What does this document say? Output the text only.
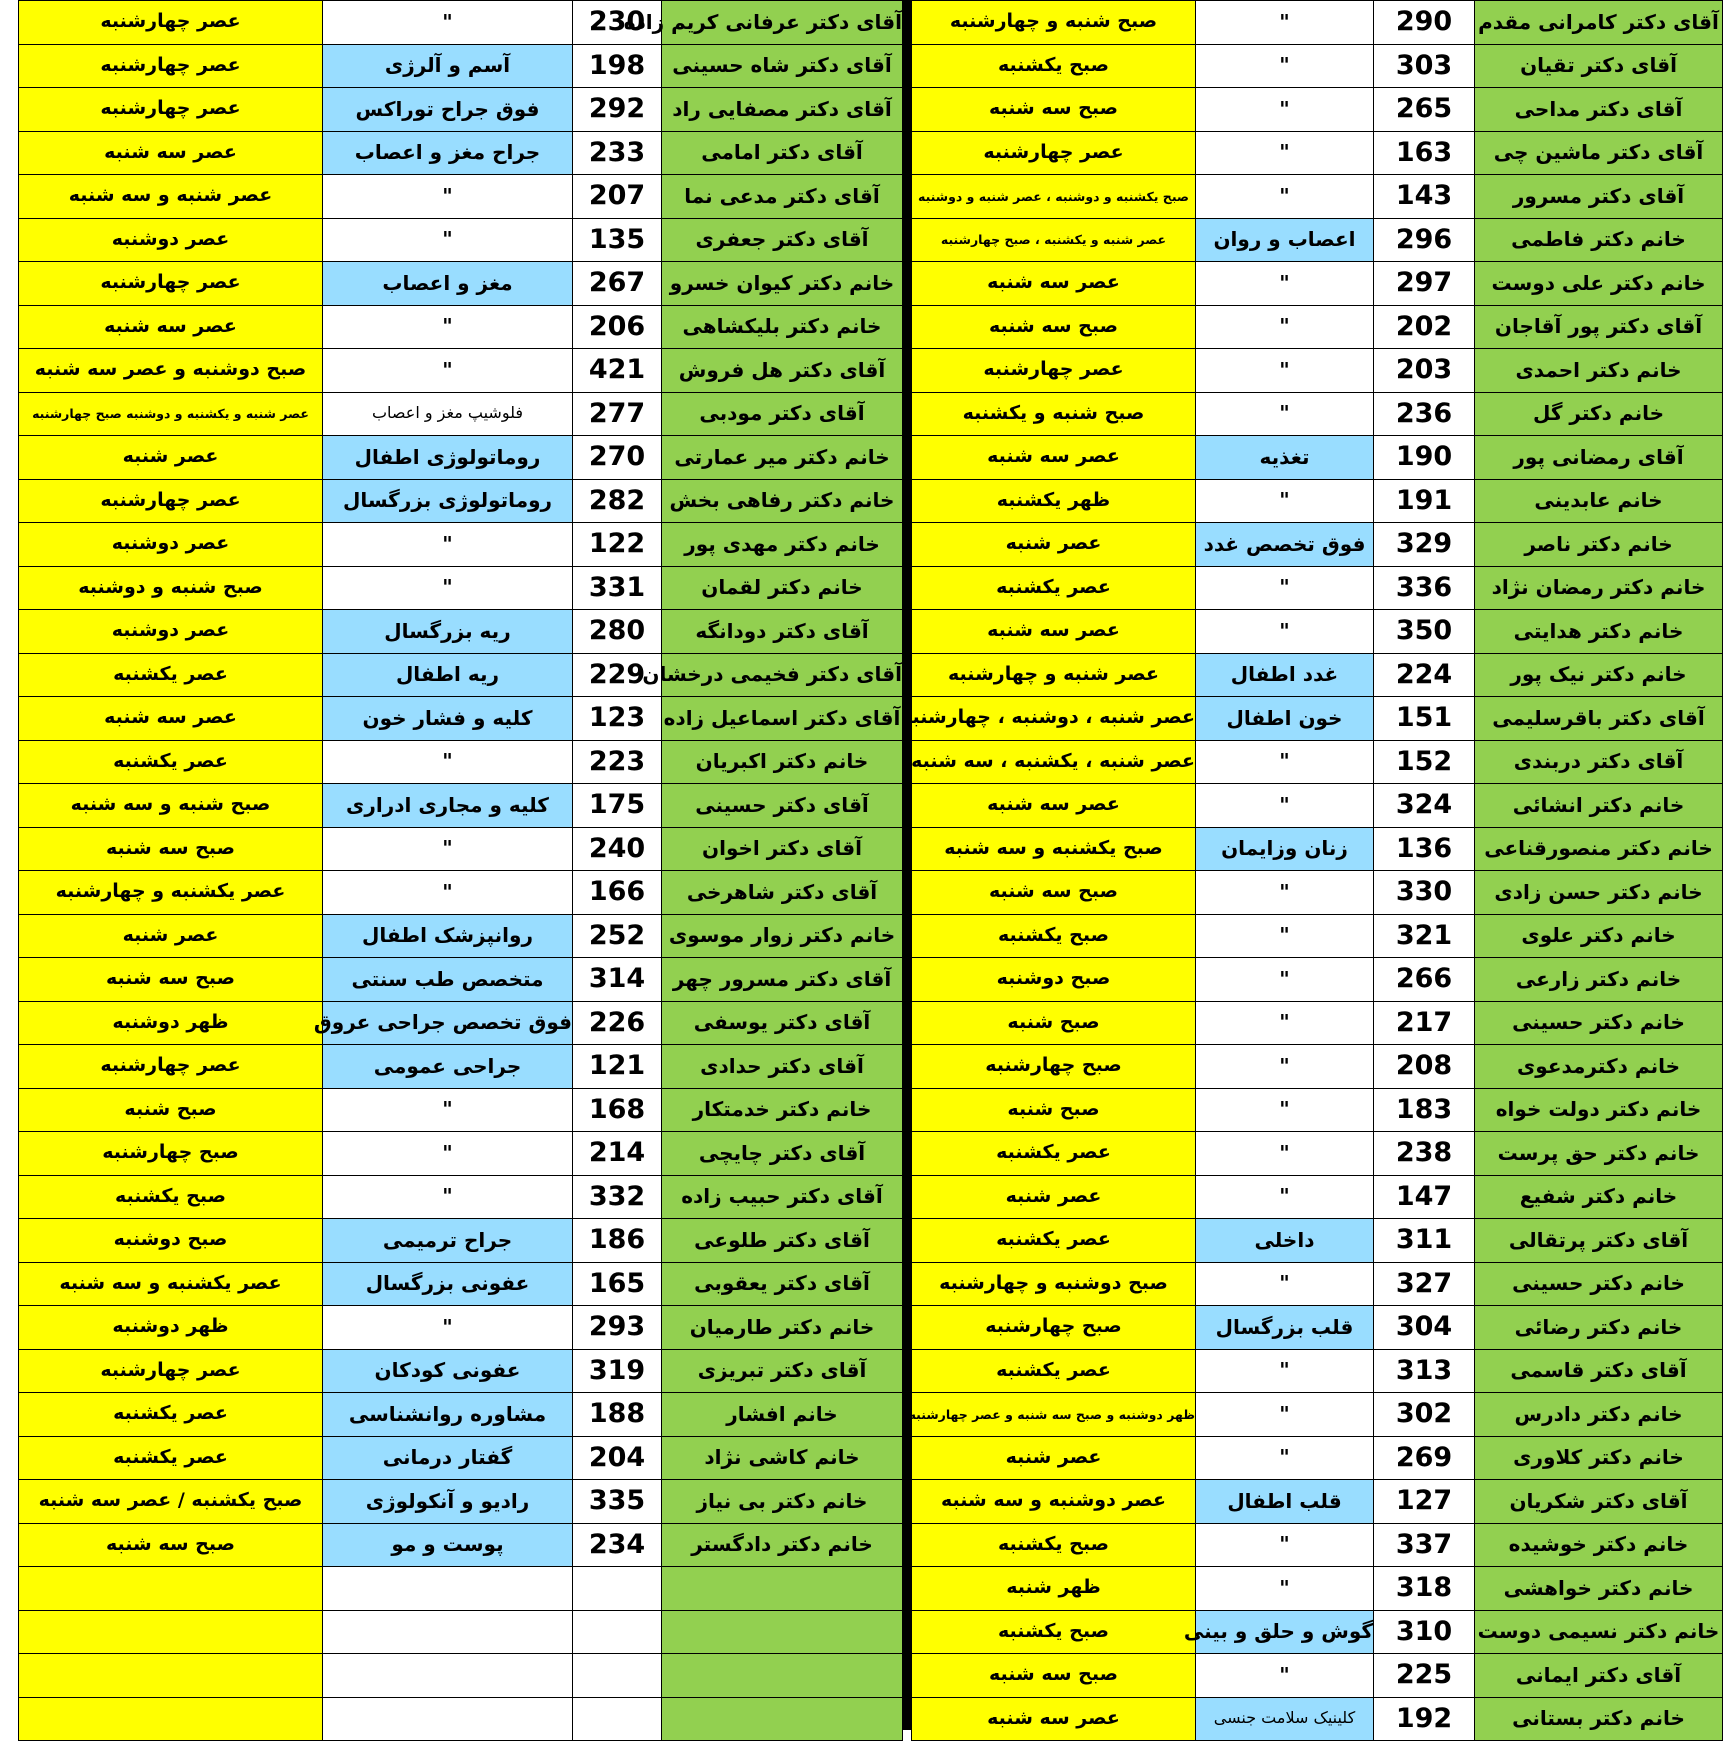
عصر چهارشنبه	"	230	آقای دکتر عرفانی کریم زاده
عصر چهارشنبه	آسم و آلرژی	198	آقای دکتر شاه حسینی
عصر چهارشنبه	فوق جراح توراکس	292	آقای دکتر مصفایی راد
عصر سه شنبه	جراح مغز و اعصاب	233	آقای دکتر امامی
عصر شنبه و سه شنبه	"	207	آقای دکتر مدعی نما
عصر دوشنبه	"	135	آقای دکتر جعفری
عصر چهارشنبه	مغز و اعصاب	267	خانم دکتر کیوان خسرو
عصر سه شنبه	"	206	خانم دکتر بلیکشاهی
صبح دوشنبه و عصر سه شنبه	"	421	آقای دکتر هل فروش
عصر شنبه و یکشنبه و دوشنبه صبح چهارشنبه	فلوشیپ مغز و اعصاب	277	آقای دکتر مودبی
عصر شنبه	روماتولوژی اطفال	270	خانم دکتر میر عمارتی
عصر چهارشنبه	روماتولوژی بزرگسال	282	خانم دکتر رفاهی بخش
عصر دوشنبه	"	122	خانم دکتر مهدی پور
صبح شنبه و دوشنبه	"	331	خانم دکتر لقمان
عصر دوشنبه	ریه بزرگسال	280	آقای دکتر دودانگه
عصر یکشنبه	ریه اطفال	229	آقای دکتر فخیمی درخشان
عصر سه شنبه	کلیه و فشار خون	123	آقای دکتر اسماعیل زاده
عصر یکشنبه	"	223	خانم دکتر اکبریان
صبح شنبه و سه شنبه	کلیه و مجاری ادراری	175	آقای دکتر حسینی
صبح سه شنبه	"	240	آقای دکتر اخوان
عصر یکشنبه و چهارشنبه	"	166	آقای دکتر شاهرخی
عصر شنبه	روانپزشک اطفال	252	خانم دکتر زوار موسوی
صبح سه شنبه	متخصص طب سنتی	314	آقای دکتر مسرور چهر
ظهر دوشنبه	فوق تخصص جراحی عروق	226	آقای دکتر یوسفی
عصر چهارشنبه	جراحی عمومی	121	آقای دکتر حدادی
صبح شنبه	"	168	خانم دکتر خدمتکار
صبح چهارشنبه	"	214	آقای دکتر چایچی
صبح یکشنبه	"	332	آقای دکتر حبیب زاده
صبح دوشنبه	جراح ترمیمی	186	آقای دکتر طلوعی
عصر یکشنبه و سه شنبه	عفونی بزرگسال	165	آقای دکتر یعقوبی
ظهر دوشنبه	"	293	خانم دکتر طارمیان
عصر چهارشنبه	عفونی کودکان	319	آقای دکتر تبریزی
عصر یکشنبه	مشاوره روانشناسی	188	خانم افشار
عصر یکشنبه	گفتار درمانی	204	خانم کاشی نژاد
صبح یکشنبه / عصر سه شنبه	رادیو و آنکولوژی	335	خانم دکتر بی نیاز
صبح سه شنبه	پوست و مو	234	خانم دکتر دادگستر

صبح شنبه و چهارشنبه	"	290	آقای دکتر کامرانی مقدم
صبح یکشنبه	"	303	آقای دکتر تقیان
صبح سه شنبه	"	265	آقای دکتر مداحی
عصر چهارشنبه	"	163	آقای دکتر ماشین چی
صبح یکشنبه و دوشنبه ، عصر شنبه و دوشنبه	"	143	آقای دکتر مسرور
عصر شنبه و یکشنبه ، صبح چهارشنبه	اعصاب و روان	296	خانم دکتر فاطمی
عصر سه شنبه	"	297	خانم دکتر علی دوست
صبح سه شنبه	"	202	آقای دکتر پور آقاجان
عصر چهارشنبه	"	203	خانم دکتر احمدی
صبح شنبه و یکشنبه	"	236	خانم دکتر گل
عصر سه شنبه	تغذیه	190	آقای رمضانی پور
ظهر یکشنبه	"	191	خانم عابدینی
عصر شنبه	فوق تخصص غدد	329	خانم دکتر ناصر
عصر یکشنبه	"	336	خانم دکتر رمضان نژاد
عصر سه شنبه	"	350	خانم دکتر هدایتی
عصر شنبه و چهارشنبه	غدد اطفال	224	خانم دکتر نیک پور
عصر شنبه ، دوشنبه ، چهارشنبه	خون اطفال	151	آقای دکتر باقرسلیمی
عصر شنبه ، یکشنبه ، سه شنبه	"	152	آقای دکتر دربندی
عصر سه شنبه	"	324	خانم دکتر انشائی
صبح یکشنبه و سه شنبه	زنان وزایمان	136	خانم دکتر منصورقناعی
صبح سه شنبه	"	330	خانم دکتر حسن زادی
صبح یکشنبه	"	321	خانم دکتر علوی
صبح دوشنبه	"	266	خانم دکتر زارعی
صبح شنبه	"	217	خانم دکتر حسینی
صبح چهارشنبه	"	208	خانم دکترمدعوی
صبح شنبه	"	183	خانم دکتر دولت خواه
عصر یکشنبه	"	238	خانم دکتر حق پرست
عصر شنبه	"	147	خانم دکتر شفیع
عصر یکشنبه	داخلی	311	آقای دکتر پرتقالی
صبح دوشنبه و چهارشنبه	"	327	خانم دکتر حسینی
صبح چهارشنبه	قلب بزرگسال	304	خانم دکتر رضائی
عصر یکشنبه	"	313	آقای دکتر قاسمی
ظهر دوشنبه و صبح سه شنبه و عصر چهارشنبه	"	302	خانم دکتر دادرس
عصر شنبه	"	269	خانم دکتر کلاوری
عصر دوشنبه و سه شنبه	قلب اطفال	127	آقای دکتر شکریان
صبح یکشنبه	"	337	خانم دکتر خوشیده
ظهر شنبه	"	318	خانم دکتر خواهشی
صبح یکشنبه	گوش و حلق و بینی	310	خانم دکتر نسیمی دوست
صبح سه شنبه	"	225	آقای دکتر ایمانی
عصر سه شنبه	کلینیک سلامت جنسی	192	خانم دکتر بستانی
